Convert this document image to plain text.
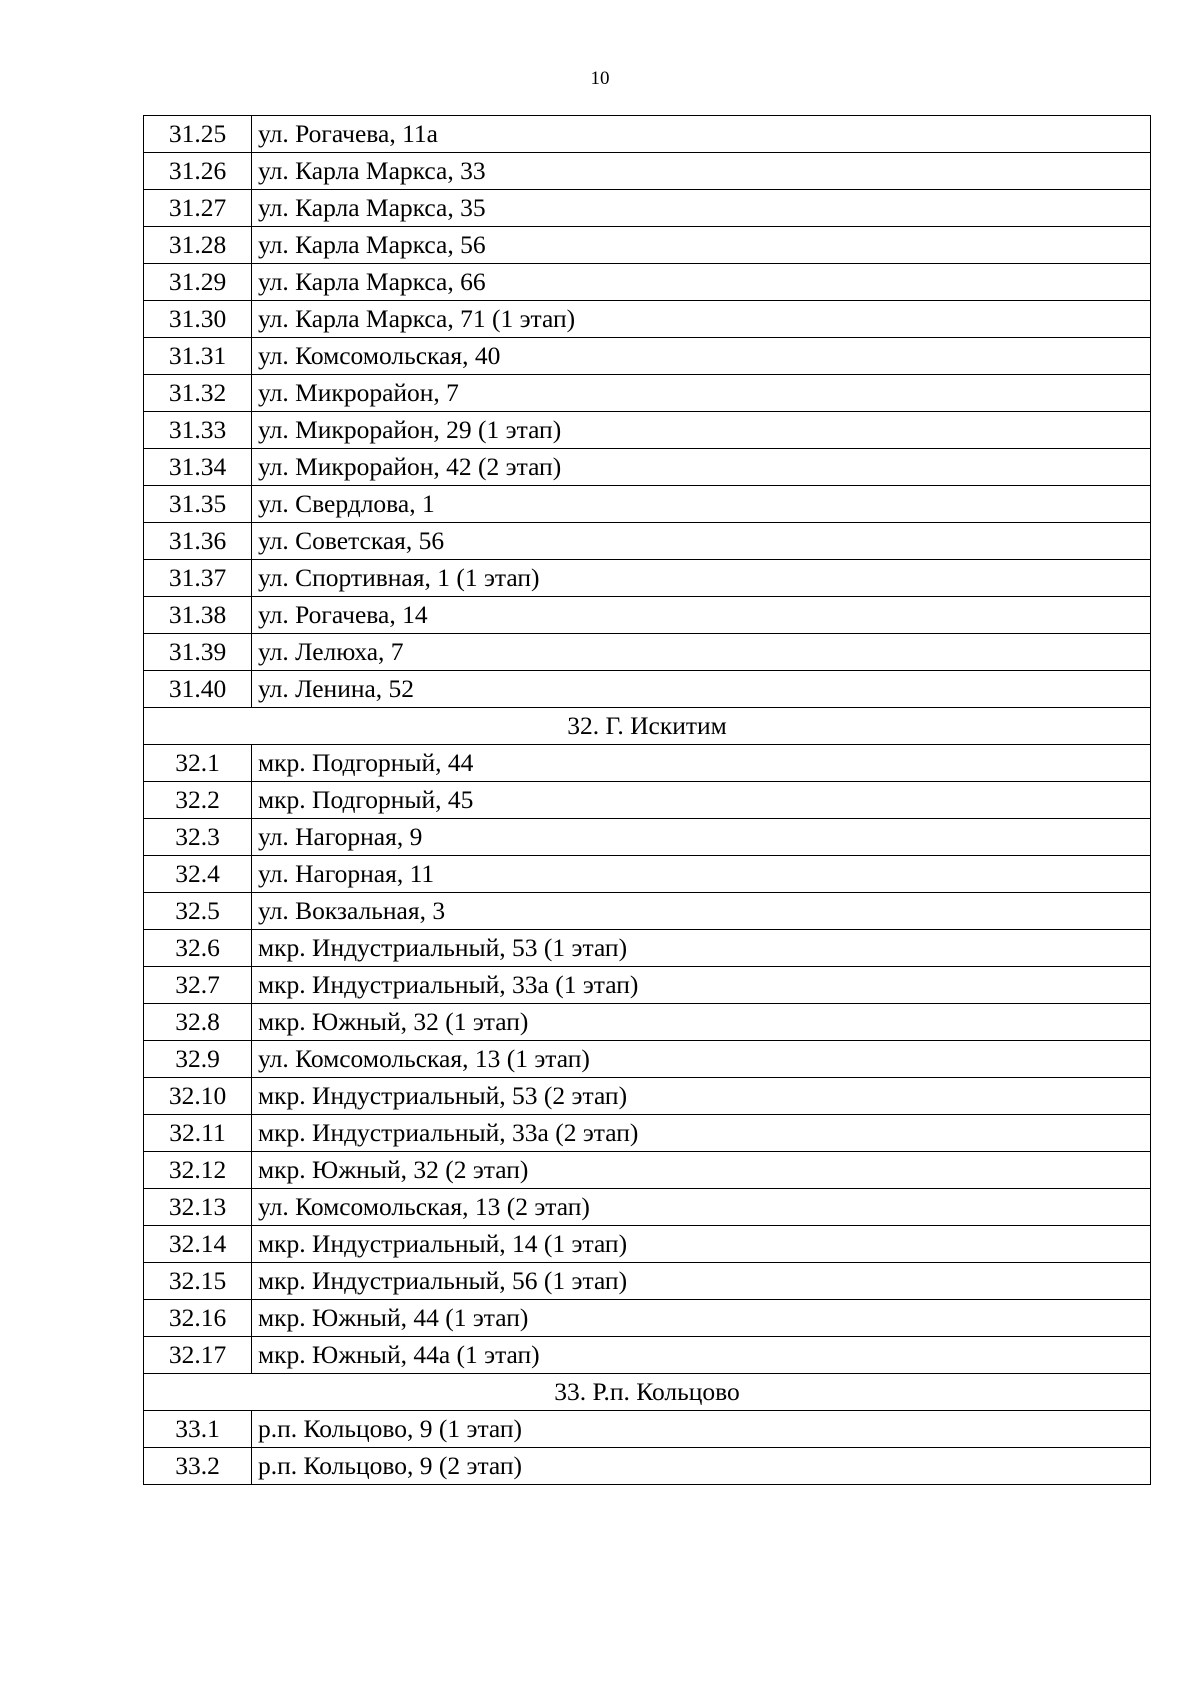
10
31.25	ул. Рогачева, 11а
31.26	ул. Карла Маркса, 33
31.27	ул. Карла Маркса, 35
31.28	ул. Карла Маркса, 56
31.29	ул. Карла Маркса, 66
31.30	ул. Карла Маркса, 71 (1 этап)
31.31	ул. Комсомольская, 40
31.32	ул. Микрорайон, 7
31.33	ул. Микрорайон, 29 (1 этап)
31.34	ул. Микрорайон, 42 (2 этап)
31.35	ул. Свердлова, 1
31.36	ул. Советская, 56
31.37	ул. Спортивная, 1 (1 этап)
31.38	ул. Рогачева, 14
31.39	ул. Лелюха, 7
31.40	ул. Ленина, 52
32. Г. Искитим	
32.1	мкр. Подгорный, 44
32.2	мкр. Подгорный, 45
32.3	ул. Нагорная, 9
32.4	ул. Нагорная, 11
32.5	ул. Вокзальная, 3
32.6	мкр. Индустриальный, 53 (1 этап)
32.7	мкр. Индустриальный, 33а (1 этап)
32.8	мкр. Южный, 32 (1 этап)
32.9	ул. Комсомольская, 13 (1 этап)
32.10	мкр. Индустриальный, 53 (2 этап)
32.11	мкр. Индустриальный, 33а (2 этап)
32.12	мкр. Южный, 32 (2 этап)
32.13	ул. Комсомольская, 13 (2 этап)
32.14	мкр. Индустриальный, 14 (1 этап)
32.15	мкр. Индустриальный, 56 (1 этап)
32.16	мкр. Южный, 44 (1 этап)
32.17	мкр. Южный, 44а (1 этап)
33. Р.п. Кольцово	
33.1	р.п. Кольцово, 9 (1 этап)
33.2	р.п. Кольцово, 9 (2 этап)
